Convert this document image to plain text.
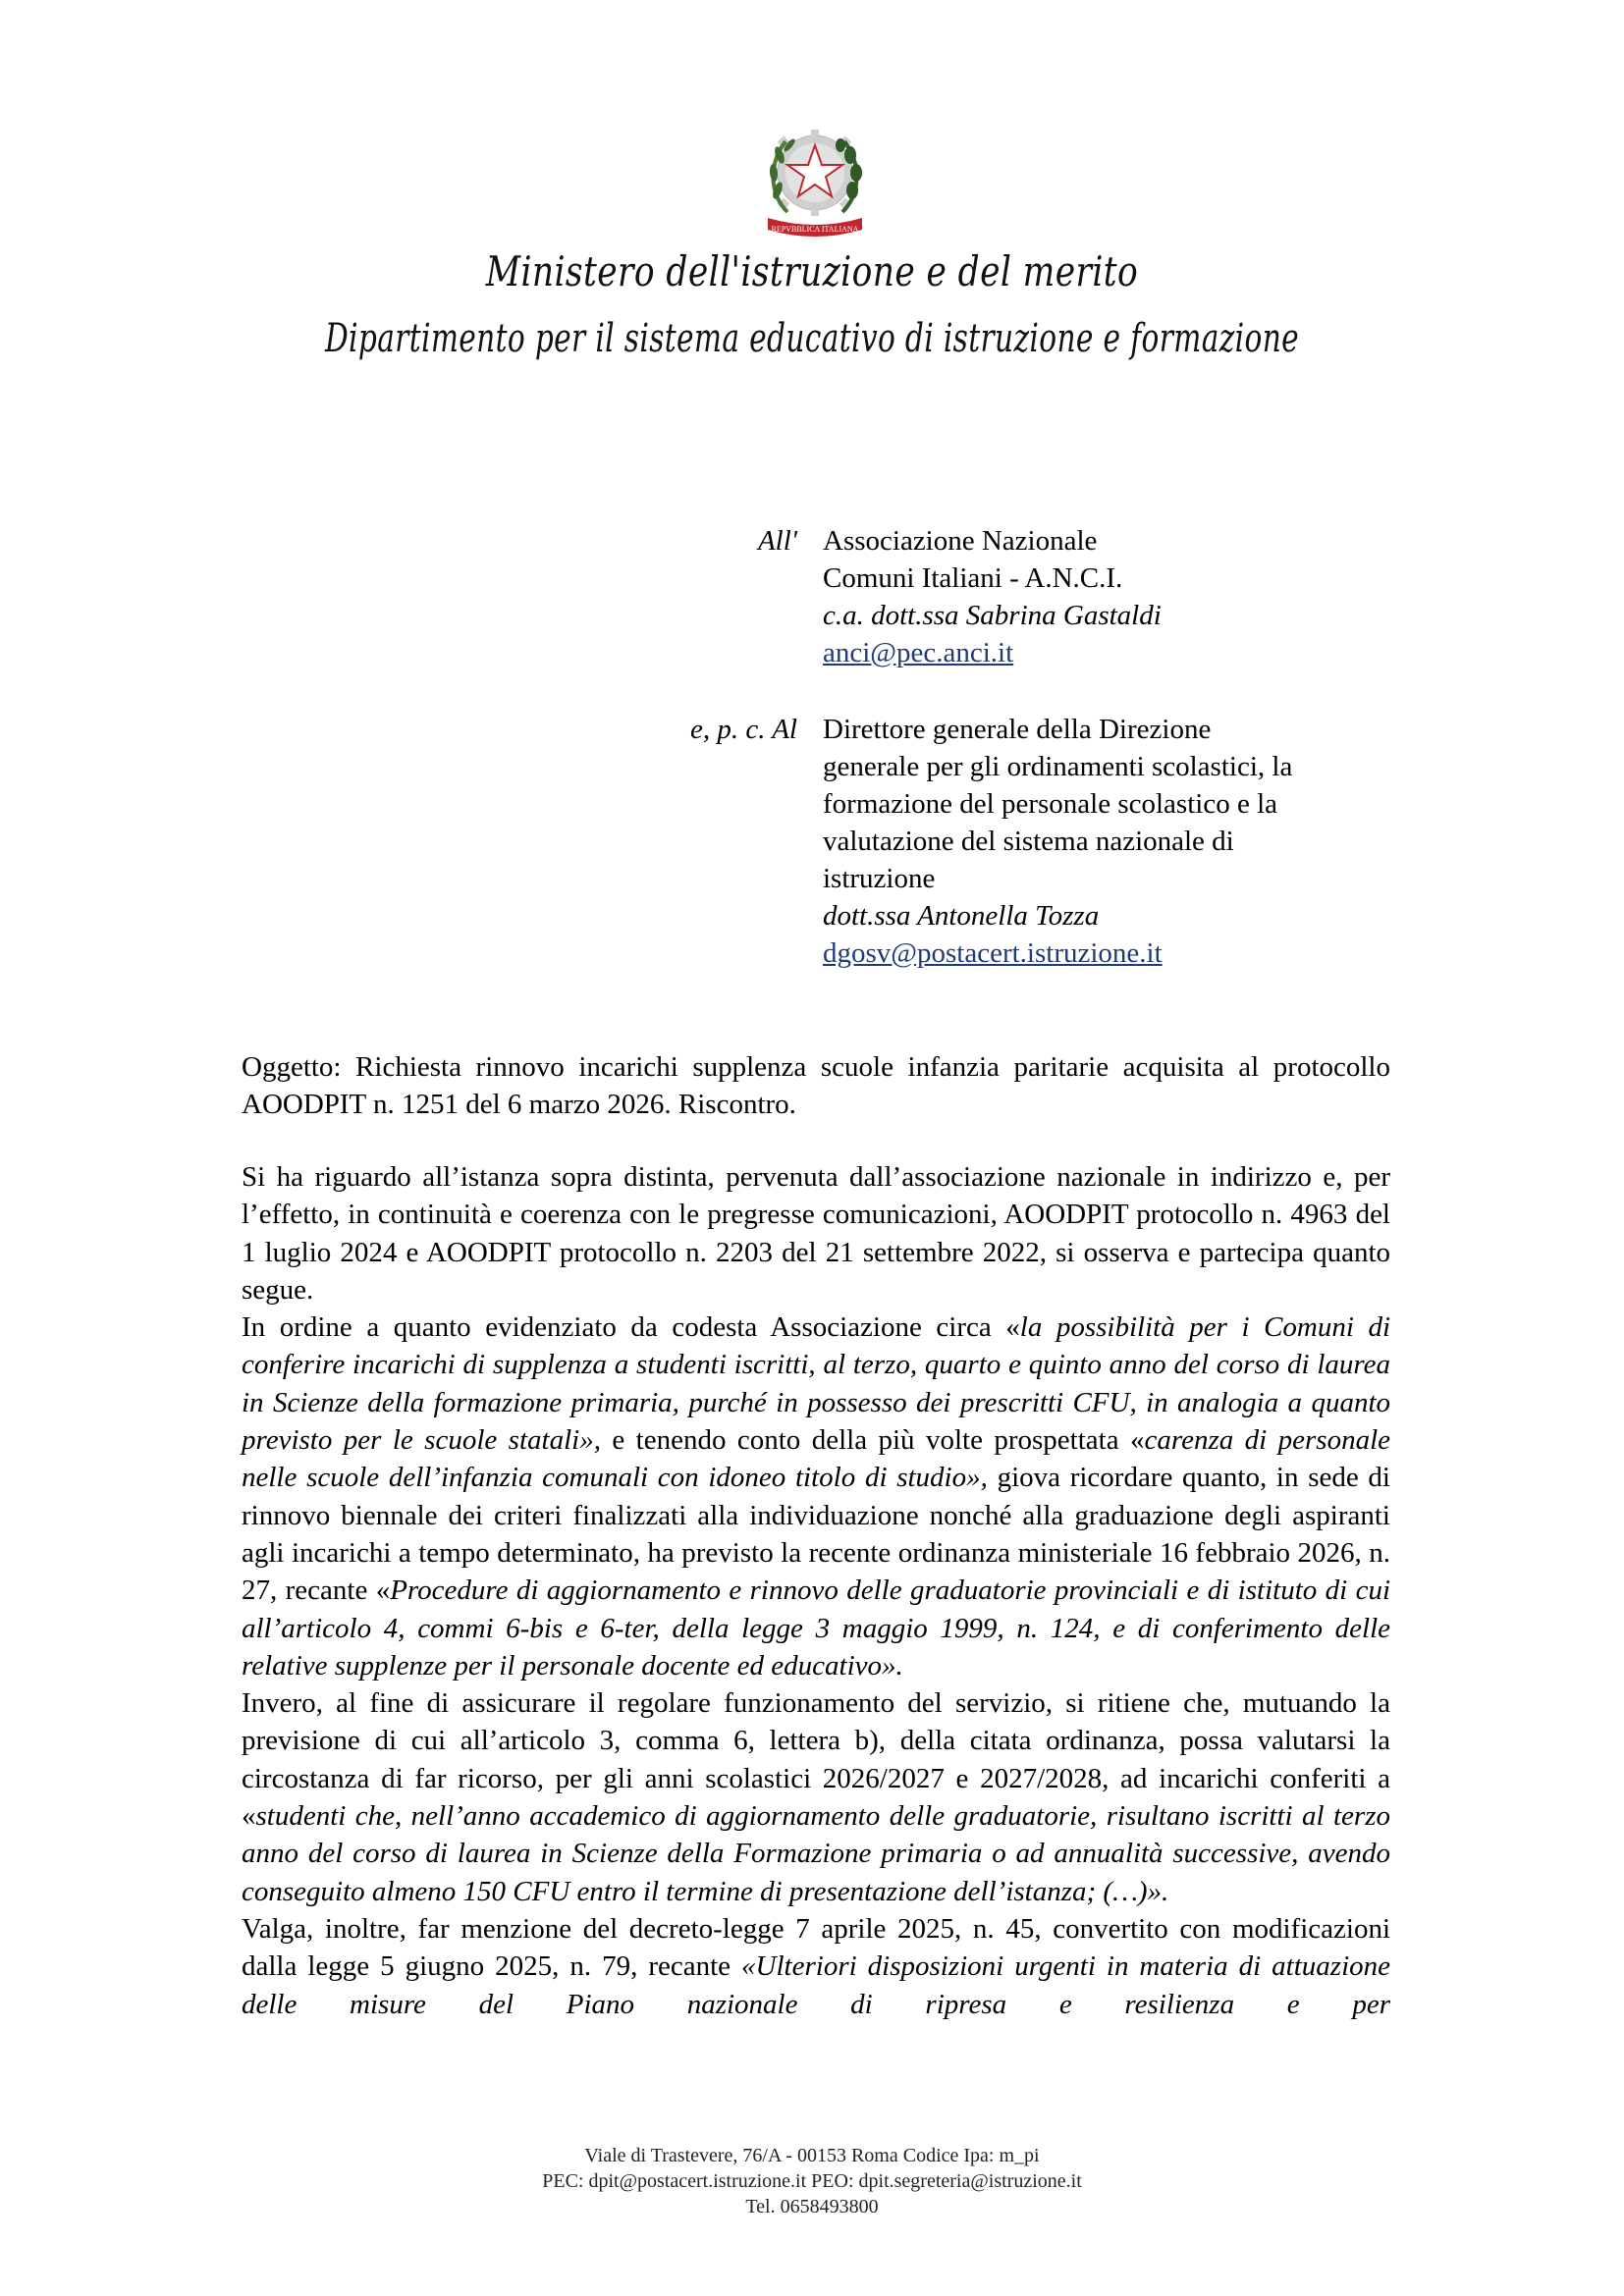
REPVBBLICA ITALIANA
Ministero dell'istruzione e del merito
Dipartimento per il sistema educativo di istruzione e formazione
All' Associazione Nazionale
Comuni Italiani - A.N.C.I.
c.a. dott.ssa Sabrina Gastaldi
anci@pec.anci.it
e, p. c. Al Direttore generale della Direzione
generale per gli ordinamenti scolastici, la
formazione del personale scolastico e la
valutazione del sistema nazionale di
istruzione
dott.ssa Antonella Tozza
dgosv@postacert.istruzione.it

Oggetto: Richiesta rinnovo incarichi supplenza scuole infanzia paritarie acquisita al protocollo AOODPIT n. 1251 del 6 marzo 2026. Riscontro.

Si ha riguardo all’istanza sopra distinta, pervenuta dall’associazione nazionale in indirizzo e, per l’effetto, in continuità e coerenza con le pregresse comunicazioni, AOODPIT protocollo n. 4963 del 1 luglio 2024 e AOODPIT protocollo n. 2203 del 21 settembre 2022, si osserva e partecipa quanto segue.

In ordine a quanto evidenziato da codesta Associazione circa «la possibilità per i Comuni di conferire incarichi di supplenza a studenti iscritti, al terzo, quarto e quinto anno del corso di laurea in Scienze della formazione primaria, purché in possesso dei prescritti CFU, in analogia a quanto previsto per le scuole statali», e tenendo conto della più volte prospettata «carenza di personale nelle scuole dell’infanzia comunali con idoneo titolo di studio», giova ricordare quanto, in sede di rinnovo biennale dei criteri finalizzati alla individuazione nonché alla graduazione degli aspiranti agli incarichi a tempo determinato, ha previsto la recente ordinanza ministeriale 16 febbraio 2026, n. 27, recante «Procedure di aggiornamento e rinnovo delle graduatorie provinciali e di istituto di cui all’articolo 4, commi 6-bis e 6-ter, della legge 3 maggio 1999, n. 124, e di conferimento delle relative supplenze per il personale docente ed educativo».

Invero, al fine di assicurare il regolare funzionamento del servizio, si ritiene che, mutuando la previsione di cui all’articolo 3, comma 6, lettera b), della citata ordinanza, possa valutarsi la circostanza di far ricorso, per gli anni scolastici 2026/2027 e 2027/2028, ad incarichi conferiti a «studenti che, nell’anno accademico di aggiornamento delle graduatorie, risultano iscritti al terzo anno del corso di laurea in Scienze della Formazione primaria o ad annualità successive, avendo conseguito almeno 150 CFU entro il termine di presentazione dell’istanza; (…)».

Valga, inoltre, far menzione del decreto-legge 7 aprile 2025, n. 45, convertito con modificazioni dalla legge 5 giugno 2025, n. 79, recante «Ulteriori disposizioni urgenti in materia di attuazione delle misure del Piano nazionale di ripresa e resilienza e per

Viale di Trastevere, 76/A - 00153 Roma Codice Ipa: m_pi
PEC: dpit@postacert.istruzione.it PEO: dpit.segreteria@istruzione.it
Tel. 0658493800
